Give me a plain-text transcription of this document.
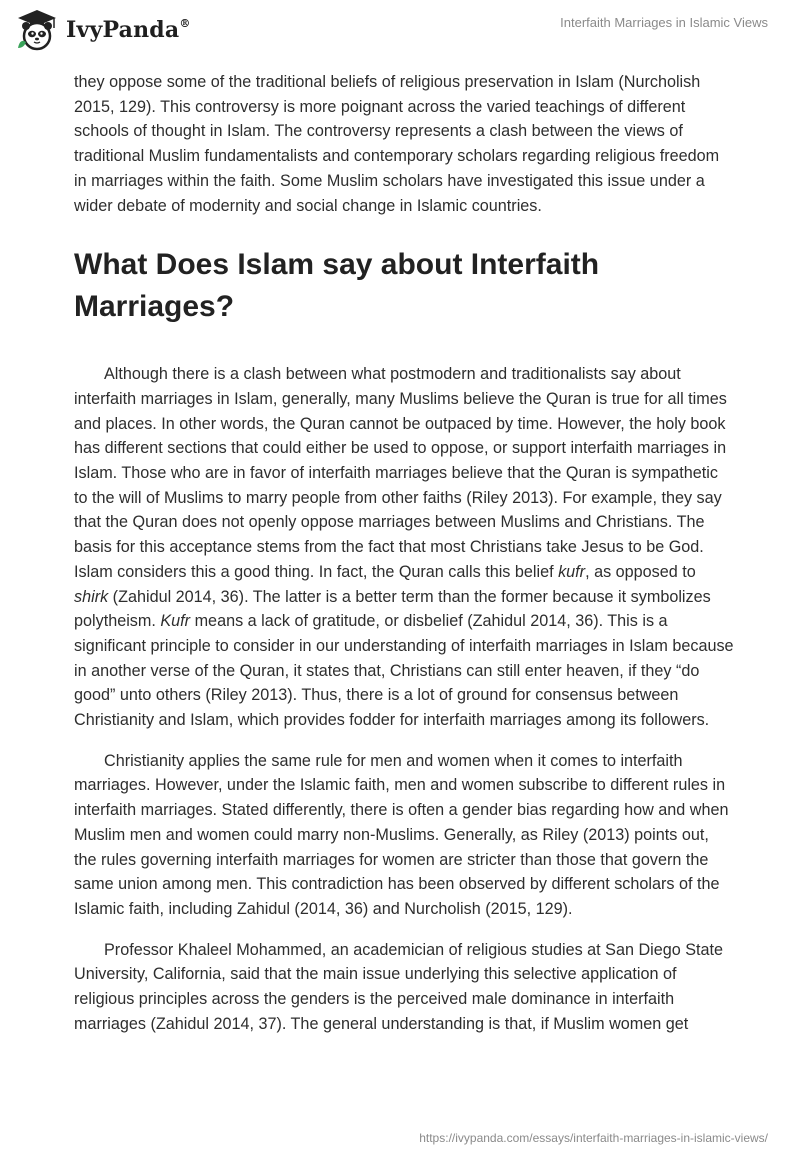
IvyPanda®	Interfaith Marriages in Islamic Views

they oppose some of the traditional beliefs of religious preservation in Islam (Nurcholish 2015, 129). This controversy is more poignant across the varied teachings of different schools of thought in Islam. The controversy represents a clash between the views of traditional Muslim fundamentalists and contemporary scholars regarding religious freedom in marriages within the faith. Some Muslim scholars have investigated this issue under a wider debate of modernity and social change in Islamic countries.

What Does Islam say about Interfaith Marriages?

Although there is a clash between what postmodern and traditionalists say about interfaith marriages in Islam, generally, many Muslims believe the Quran is true for all times and places. In other words, the Quran cannot be outpaced by time. However, the holy book has different sections that could either be used to oppose, or support interfaith marriages in Islam. Those who are in favor of interfaith marriages believe that the Quran is sympathetic to the will of Muslims to marry people from other faiths (Riley 2013). For example, they say that the Quran does not openly oppose marriages between Muslims and Christians. The basis for this acceptance stems from the fact that most Christians take Jesus to be God. Islam considers this a good thing. In fact, the Quran calls this belief kufr, as opposed to shirk (Zahidul 2014, 36). The latter is a better term than the former because it symbolizes polytheism. Kufr means a lack of gratitude, or disbelief (Zahidul 2014, 36). This is a significant principle to consider in our understanding of interfaith marriages in Islam because in another verse of the Quran, it states that, Christians can still enter heaven, if they “do good” unto others (Riley 2013). Thus, there is a lot of ground for consensus between Christianity and Islam, which provides fodder for interfaith marriages among its followers.

Christianity applies the same rule for men and women when it comes to interfaith marriages. However, under the Islamic faith, men and women subscribe to different rules in interfaith marriages. Stated differently, there is often a gender bias regarding how and when Muslim men and women could marry non-Muslims. Generally, as Riley (2013) points out, the rules governing interfaith marriages for women are stricter than those that govern the same union among men. This contradiction has been observed by different scholars of the Islamic faith, including Zahidul (2014, 36) and Nurcholish (2015, 129).

Professor Khaleel Mohammed, an academician of religious studies at San Diego State University, California, said that the main issue underlying this selective application of religious principles across the genders is the perceived male dominance in interfaith marriages (Zahidul 2014, 37). The general understanding is that, if Muslim women get

https://ivypanda.com/essays/interfaith-marriages-in-islamic-views/
